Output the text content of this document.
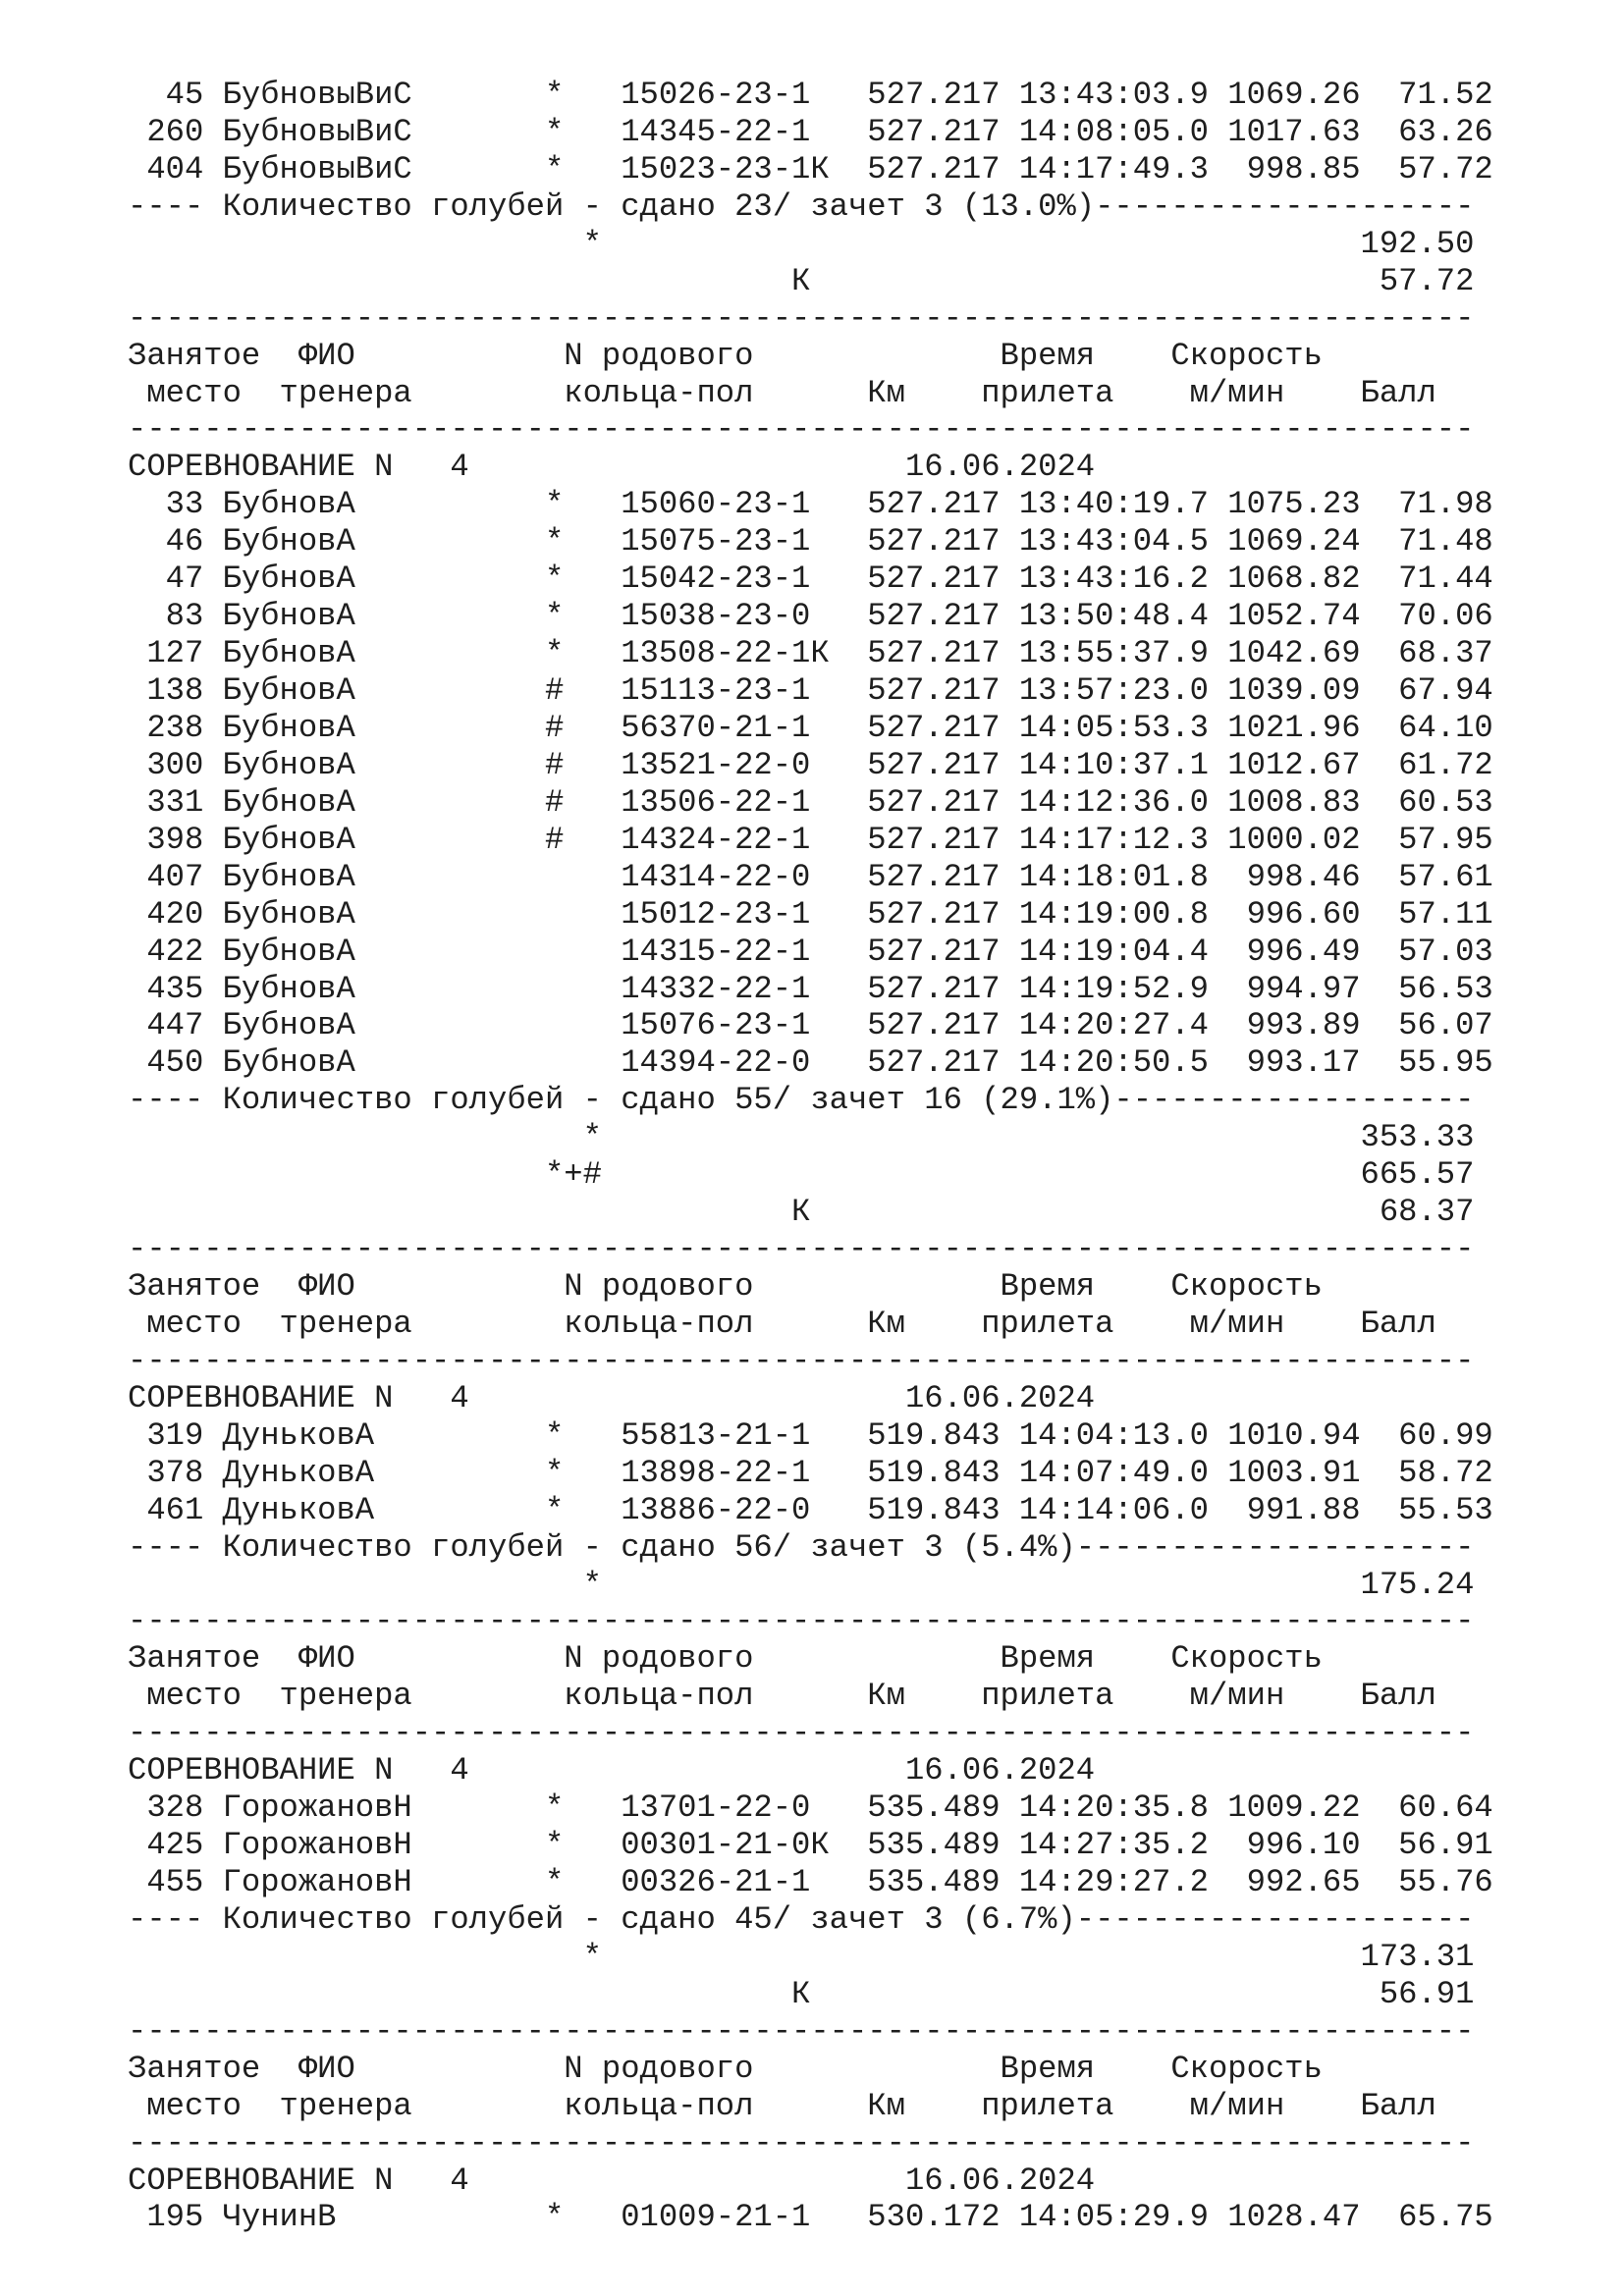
45 БубновыВиС       *   15026-23-1   527.217 13:43:03.9 1069.26  71.52
260 БубновыВиС       *   14345-22-1   527.217 14:08:05.0 1017.63  63.26
404 БубновыВиС       *   15023-23-1К  527.217 14:17:49.3  998.85  57.72
---- Количество голубей - сдано 23/ зачет 3 (13.0%)--------------------
*                                        192.50
К                              57.72
-----------------------------------------------------------------------
Занятое  ФИО           N родового             Время    Скорость
место  тренера        кольца-пол      Км    прилета    м/мин    Балл
-----------------------------------------------------------------------
СОРЕВНОВАНИЕ N   4                       16.06.2024
33 БубновА          *   15060-23-1   527.217 13:40:19.7 1075.23  71.98
46 БубновА          *   15075-23-1   527.217 13:43:04.5 1069.24  71.48
47 БубновА          *   15042-23-1   527.217 13:43:16.2 1068.82  71.44
83 БубновА          *   15038-23-0   527.217 13:50:48.4 1052.74  70.06
127 БубновА          *   13508-22-1К  527.217 13:55:37.9 1042.69  68.37
138 БубновА          #   15113-23-1   527.217 13:57:23.0 1039.09  67.94
238 БубновА          #   56370-21-1   527.217 14:05:53.3 1021.96  64.10
300 БубновА          #   13521-22-0   527.217 14:10:37.1 1012.67  61.72
331 БубновА          #   13506-22-1   527.217 14:12:36.0 1008.83  60.53
398 БубновА          #   14324-22-1   527.217 14:17:12.3 1000.02  57.95
407 БубновА              14314-22-0   527.217 14:18:01.8  998.46  57.61
420 БубновА              15012-23-1   527.217 14:19:00.8  996.60  57.11
422 БубновА              14315-22-1   527.217 14:19:04.4  996.49  57.03
435 БубновА              14332-22-1   527.217 14:19:52.9  994.97  56.53
447 БубновА              15076-23-1   527.217 14:20:27.4  993.89  56.07
450 БубновА              14394-22-0   527.217 14:20:50.5  993.17  55.95
---- Количество голубей - сдано 55/ зачет 16 (29.1%)-------------------
*                                        353.33
*+#                                        665.57
К                              68.37
-----------------------------------------------------------------------
Занятое  ФИО           N родового             Время    Скорость
место  тренера        кольца-пол      Км    прилета    м/мин    Балл
-----------------------------------------------------------------------
СОРЕВНОВАНИЕ N   4                       16.06.2024
319 ДуньковА         *   55813-21-1   519.843 14:04:13.0 1010.94  60.99
378 ДуньковА         *   13898-22-1   519.843 14:07:49.0 1003.91  58.72
461 ДуньковА         *   13886-22-0   519.843 14:14:06.0  991.88  55.53
---- Количество голубей - сдано 56/ зачет 3 (5.4%)---------------------
*                                        175.24
-----------------------------------------------------------------------
Занятое  ФИО           N родового             Время    Скорость
место  тренера        кольца-пол      Км    прилета    м/мин    Балл
-----------------------------------------------------------------------
СОРЕВНОВАНИЕ N   4                       16.06.2024
328 ГорожановН       *   13701-22-0   535.489 14:20:35.8 1009.22  60.64
425 ГорожановН       *   00301-21-0К  535.489 14:27:35.2  996.10  56.91
455 ГорожановН       *   00326-21-1   535.489 14:29:27.2  992.65  55.76
---- Количество голубей - сдано 45/ зачет 3 (6.7%)---------------------
*                                        173.31
К                              56.91
-----------------------------------------------------------------------
Занятое  ФИО           N родового             Время    Скорость
место  тренера        кольца-пол      Км    прилета    м/мин    Балл
-----------------------------------------------------------------------
СОРЕВНОВАНИЕ N   4                       16.06.2024
195 ЧунинВ           *   01009-21-1   530.172 14:05:29.9 1028.47  65.75
